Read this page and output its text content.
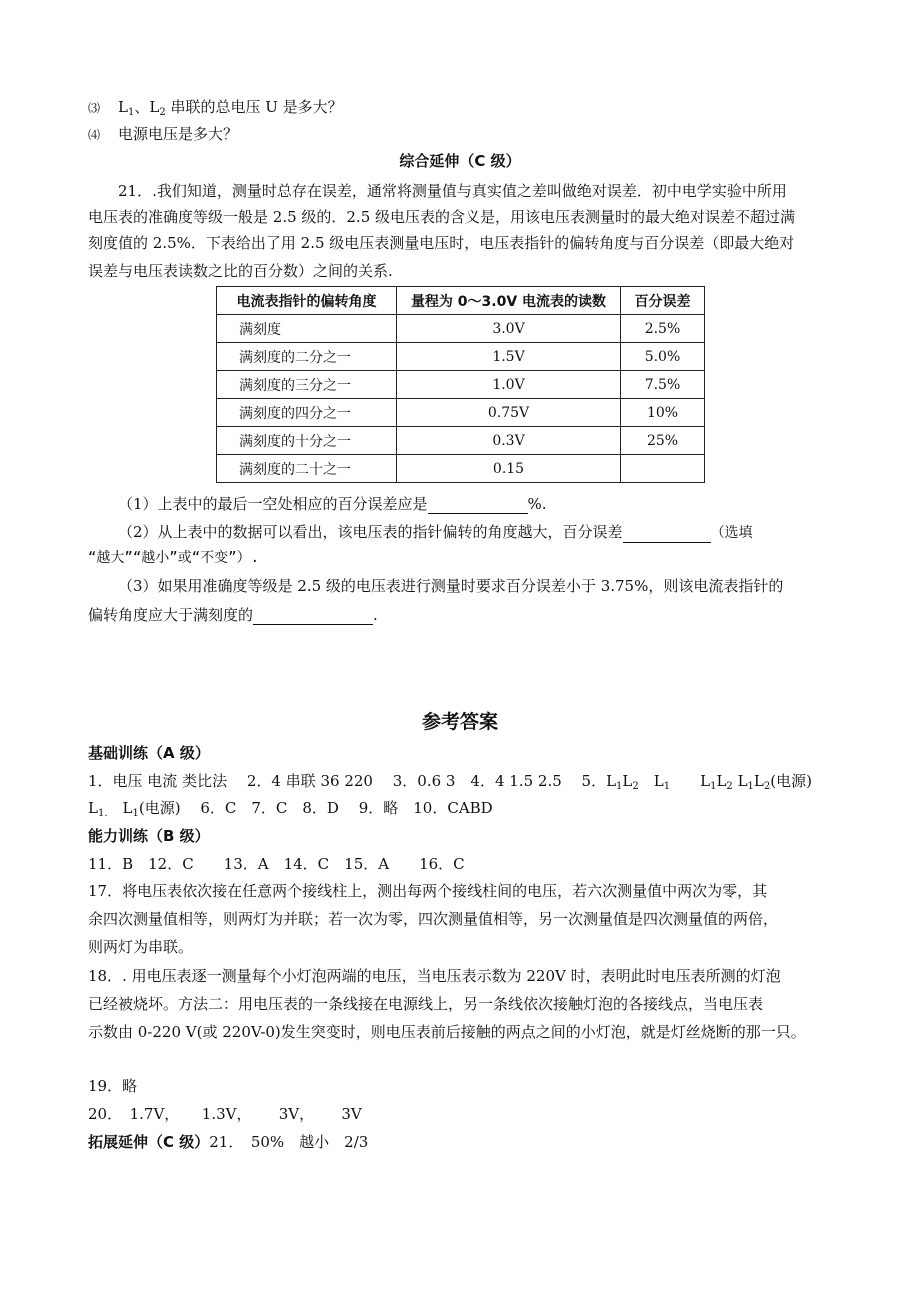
⑶ $L_1$、$L_2$ 串联的总电压 U 是多大？
⑷ 电源电压是多大？
综合延伸（C 级）
21．.我们知道，测量时总存在误差，通常将测量值与真实值之差叫做绝对误差．初中电学实验中所用
电压表的准确度等级一般是 2.5 级的．2.5 级电压表的含义是，用该电压表测量时的最大绝对误差不超过满
刻度值的 2.5%．下表给出了用 2.5 级电压表测量电压时，电压表指针的偏转角度与百分误差（即最大绝对
误差与电压表读数之比的百分数）之间的关系.
电流表指针的偏转角度	量程为 0～3.0V 电流表的读数	百分误差
满刻度	3.0V	2.5%
满刻度的二分之一	1.5V	5.0%
满刻度的三分之一	1.0V	7.5%
满刻度的四分之一	0.75V	10%
满刻度的十分之一	0.3V	25%
满刻度的二十之一	0.15	
（1）上表中的最后一空处相应的百分误差应是	%.
（2）从上表中的数据可以看出，该电压表的指针偏转的角度越大，百分误差	（选填
“越大”“越小”或“不变”）.
（3）如果用准确度等级是 2.5 级的电压表进行测量时要求百分误差小于 3.75%，则该电流表指针的
偏转角度应大于满刻度的	.
参考答案
基础训练（A 级）
1．电压 电流 类比法　 2．4 串联 36 220　 3．0.6 3　4．4 1.5 2.5　 5．$L_1L_2$　$L_1$　　$L_1L_2$ $L_1L_2$(电源)
$L_{1.}$　$L_1$(电源)　 6．C　7．C　8．D　 9．略　10．CABD
能力训练（B 级）
11．B　12．C　　13．A　14．C　15．A　　16．C
17．将电压表依次接在任意两个接线柱上，测出每两个接线柱间的电压，若六次测量值中两次为零，其
余四次测量值相等，则两灯为并联；若一次为零，四次测量值相等，另一次测量值是四次测量值的两倍，
则两灯为串联。
18．. 用电压表逐一测量每个小灯泡两端的电压，当电压表示数为 220V 时，表明此时电压表所测的灯泡
已经被烧坏。方法二：用电压表的一条线接在电源线上，另一条线依次接触灯泡的各接线点，当电压表
示数由 0-220 V(或 220V-0)发生突变时，则电压表前后接触的两点之间的小灯泡，就是灯丝烧断的那一只。
19．略
20．　1.7V，　　1.3V，　　 3V，　　 3V
拓展延伸（C 级）21．　50%　越小　2/3
